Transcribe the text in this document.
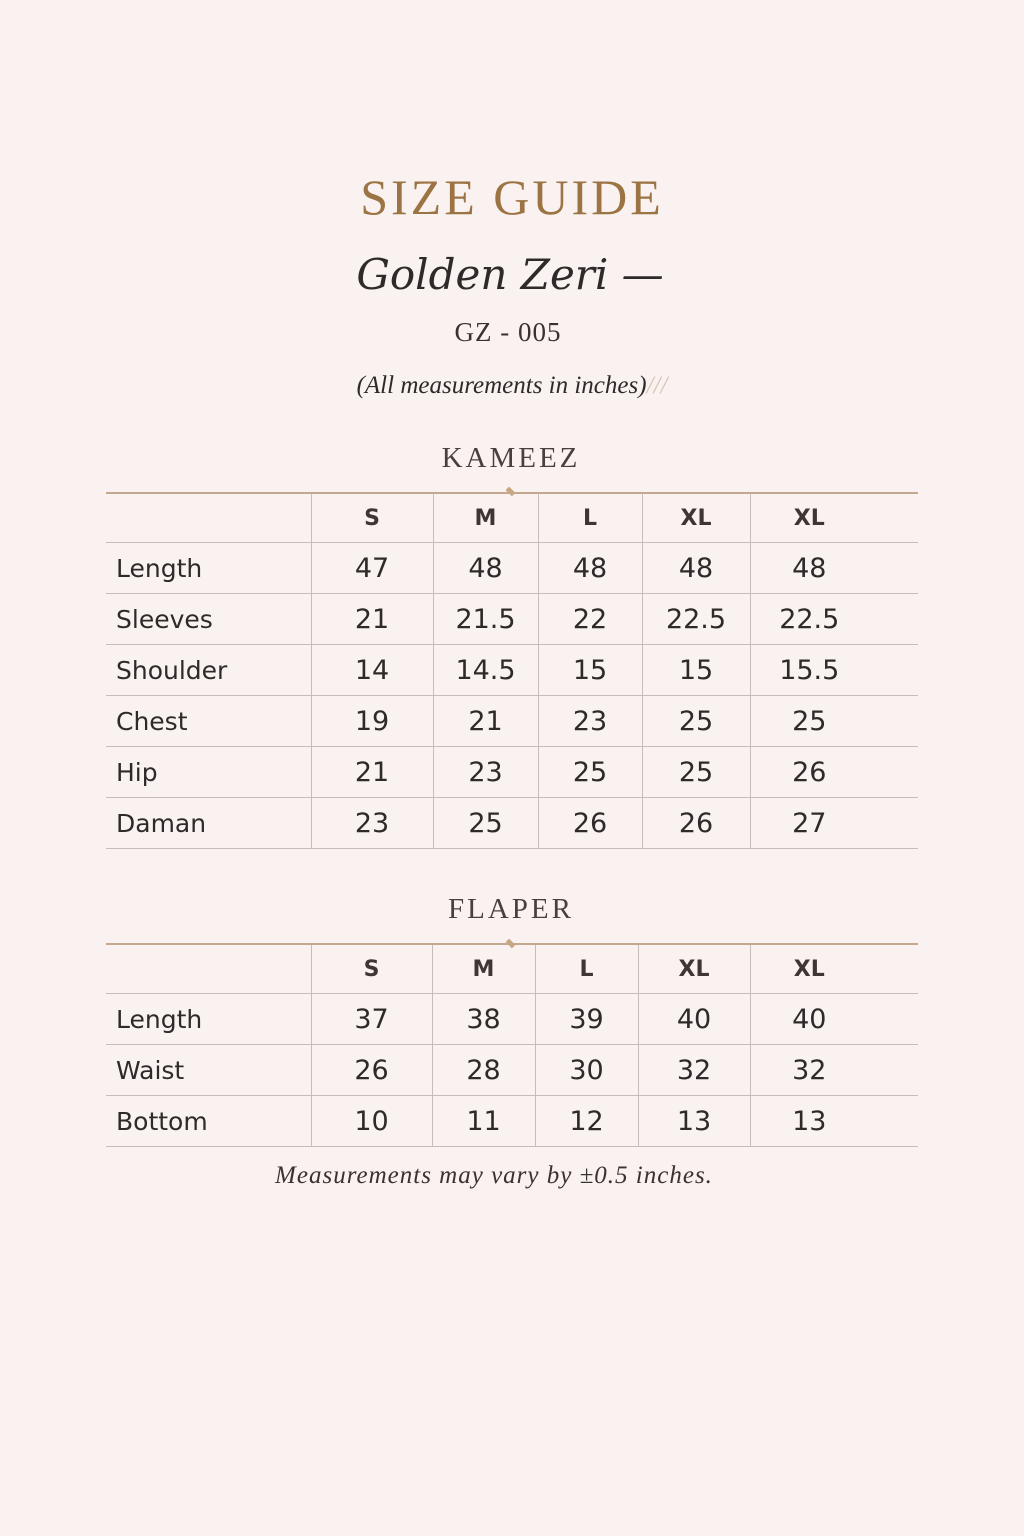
SIZE GUIDE
Golden Zeri —
GZ - 005
(All measurements in inches)///
KAMEEZ
	S	M	L	XL	XL
Length	47	48	48	48	48
Sleeves	21	21.5	22	22.5	22.5
Shoulder	14	14.5	15	15	15.5
Chest	19	21	23	25	25
Hip	21	23	25	25	26
Daman	23	25	26	26	27
FLAPER
	S	M	L	XL	XL
Length	37	38	39	40	40
Waist	26	28	30	32	32
Bottom	10	11	12	13	13
Measurements may vary by ±0.5 inches.
